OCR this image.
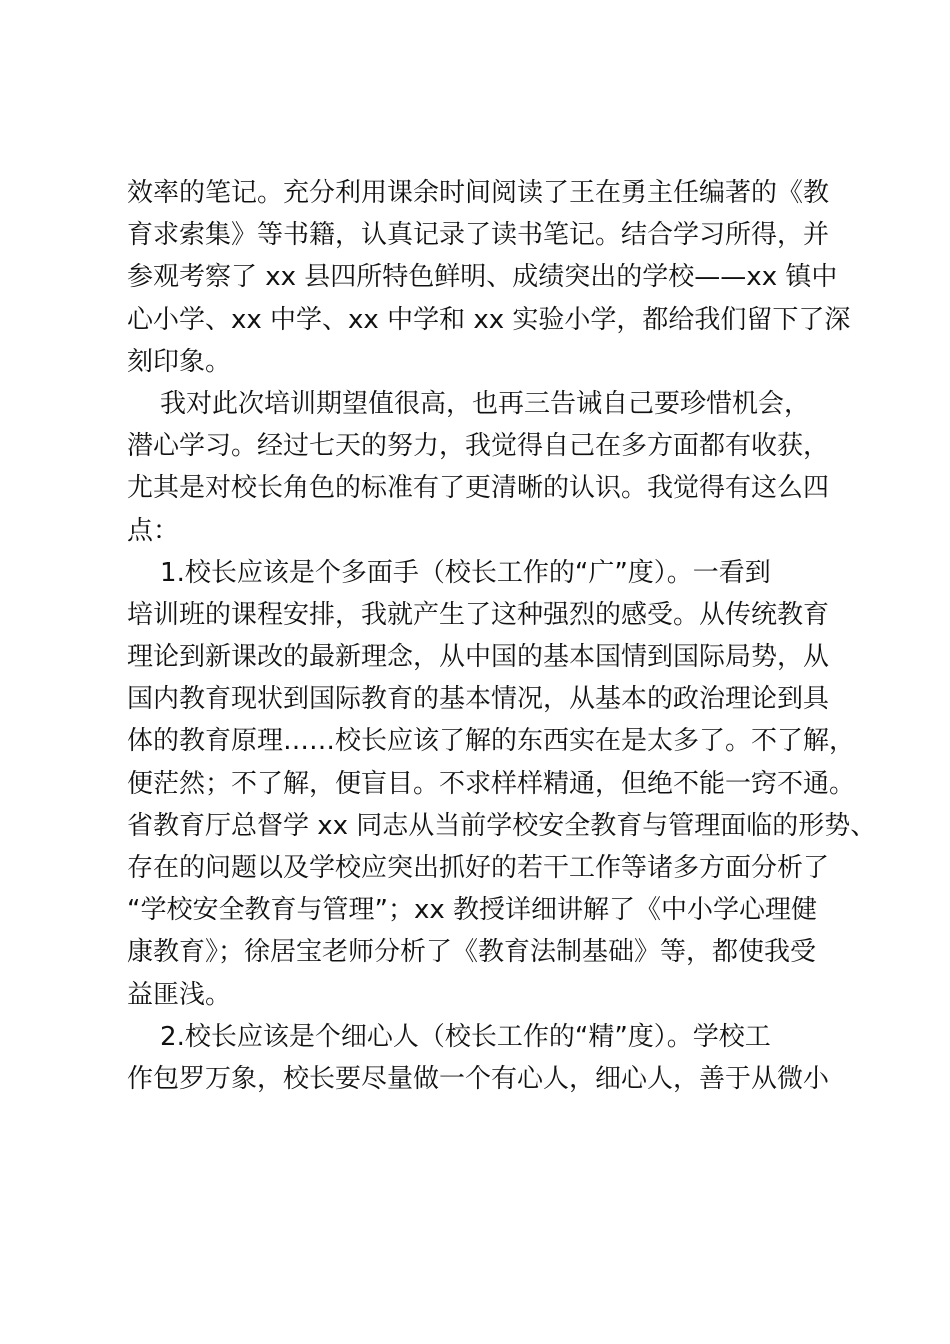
效率的笔记。充分利用课余时间阅读了王在勇主任编著的《教

育求索集》等书籍，认真记录了读书笔记。结合学习所得，并

参观考察了 xx 县四所特色鲜明、成绩突出的学校——xx 镇中

心小学、xx 中学、xx 中学和 xx 实验小学，都给我们留下了深

刻印象。

我对此次培训期望值很高，也再三告诫自己要珍惜机会，

潜心学习。经过七天的努力，我觉得自己在多方面都有收获，

尤其是对校长角色的标准有了更清晰的认识。我觉得有这么四

点：

1.校长应该是个多面手（校长工作的“广”度）。一看到

培训班的课程安排，我就产生了这种强烈的感受。从传统教育

理论到新课改的最新理念，从中国的基本国情到国际局势，从

国内教育现状到国际教育的基本情况，从基本的政治理论到具

体的教育原理……校长应该了解的东西实在是太多了。不了解，

便茫然；不了解，便盲目。不求样样精通，但绝不能一窍不通。

省教育厅总督学 xx 同志从当前学校安全教育与管理面临的形势、

存在的问题以及学校应突出抓好的若干工作等诸多方面分析了

“学校安全教育与管理”；xx 教授详细讲解了《中小学心理健

康教育》；徐居宝老师分析了《教育法制基础》等，都使我受

益匪浅。

2.校长应该是个细心人（校长工作的“精”度）。学校工

作包罗万象，校长要尽量做一个有心人，细心人，善于从微小
